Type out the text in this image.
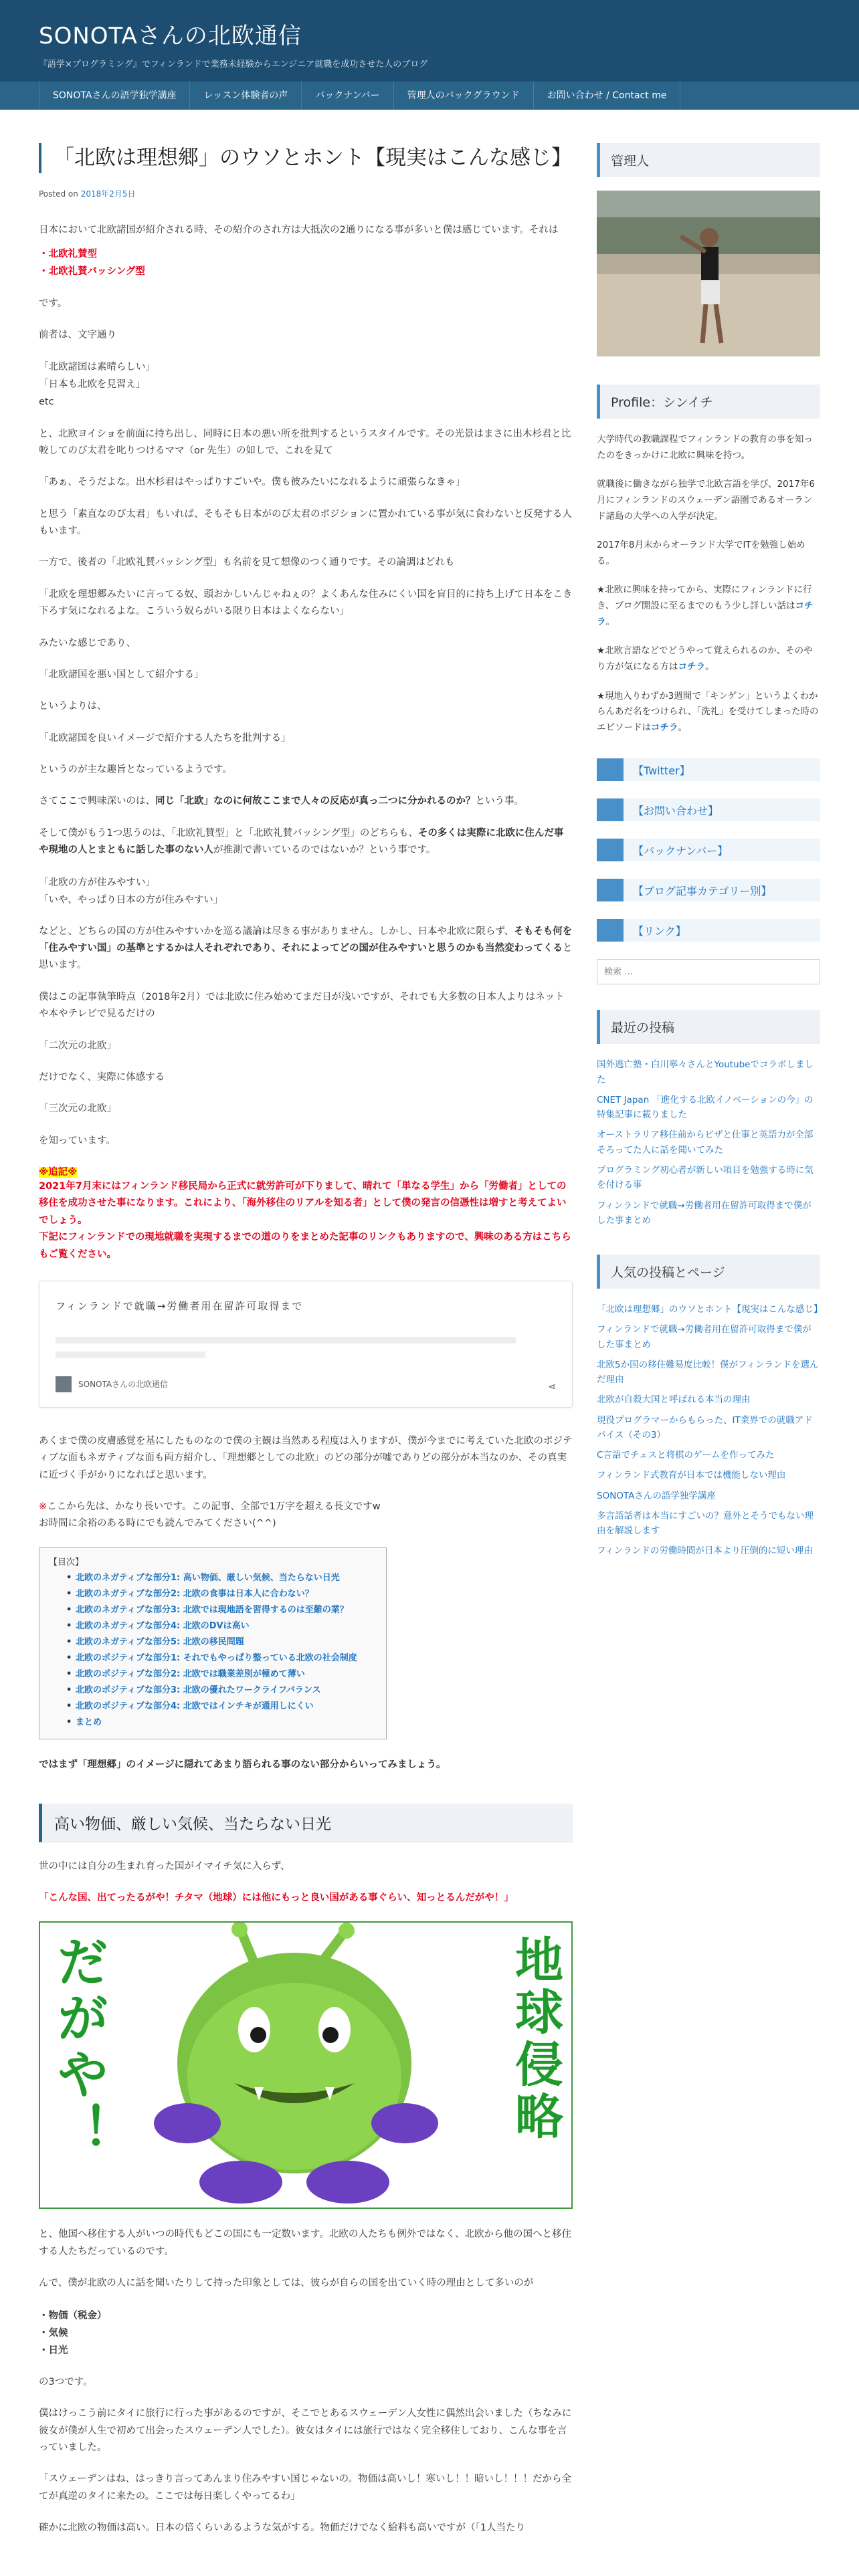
SONOTAさんの北欧通信
『語学×プログラミング』でフィンランドで業務未経験からエンジニア就職を成功させた人のブログ
SONOTAさんの語学独学講座	レッスン体験者の声	バックナンバー	管理人のバックグラウンド	お問い合わせ / Contact me
「北欧は理想郷」のウソとホント【現実はこんな感じ】
Posted on 2018年2月5日

日本において北欧諸国が紹介される時、その紹介のされ方は大抵次の2通りになる事が多いと僕は感じています。それは

・北欧礼賛型
・北欧礼賛バッシング型

です。

前者は、文字通り

「北欧諸国は素晴らしい」
「日本も北欧を見習え」
etc

と、北欧ヨイショを前面に持ち出し、同時に日本の悪い所を批判するというスタイルです。その光景はまさに出木杉君と比較してのび太君を叱りつけるママ（or 先生）の如しで、これを見て

「あぁ、そうだよな。出木杉君はやっぱりすごいや。僕も彼みたいになれるように頑張らなきゃ」

と思う「素直なのび太君」もいれば、そもそも日本がのび太君のポジションに置かれている事が気に食わないと反発する人もいます。

一方で、後者の「北欧礼賛バッシング型」も名前を見て想像のつく通りです。その論調はどれも

「北欧を理想郷みたいに言ってる奴、頭おかしいんじゃねぇの？よくあんな住みにくい国を盲目的に持ち上げて日本をこき下ろす気になれるよな。こういう奴らがいる限り日本はよくならない」

みたいな感じであり、

「北欧諸国を悪い国として紹介する」

というよりは、

「北欧諸国を良いイメージで紹介する人たちを批判する」

というのが主な趣旨となっているようです。

さてここで興味深いのは、同じ「北欧」なのに何故ここまで人々の反応が真っ二つに分かれるのか？という事。

そして僕がもう1つ思うのは、「北欧礼賛型」と「北欧礼賛バッシング型」のどちらも、その多くは実際に北欧に住んだ事や現地の人とまともに話した事のない人が推測で書いているのではないか？という事です。

「北欧の方が住みやすい」
「いや、やっぱり日本の方が住みやすい」

などと、どちらの国の方が住みやすいかを巡る議論は尽きる事がありません。しかし、日本や北欧に限らず、そもそも何を「住みやすい国」の基準とするかは人それぞれであり、それによってどの国が住みやすいと思うのかも当然変わってくると思います。

僕はこの記事執筆時点（2018年2月）では北欧に住み始めてまだ日が浅いですが、それでも大多数の日本人よりはネットや本やテレビで見るだけの

「二次元の北欧」

だけでなく、実際に体感する

「三次元の北欧」

を知っています。

※追記※
2021年7月末にはフィンランド移民局から正式に就労許可が下りまして、晴れて「単なる学生」から「労働者」としての移住を成功させた事になります。これにより、「海外移住のリアルを知る者」として僕の発言の信憑性は増すと考えてよいでしょう。
下記にフィンランドでの現地就職を実現するまでの道のりをまとめた記事のリンクもありますので、興味のある方はこちらもご覧ください。
フィンランドで就職→労働者用在留許可取得まで
SONOTAさんの北欧通信	⋖

あくまで僕の皮膚感覚を基にしたものなので僕の主観は当然ある程度は入りますが、僕が今までに考えていた北欧のポジティブな面もネガティブな面も両方紹介し、「理想郷としての北欧」のどの部分が嘘でありどの部分が本当なのか、その真実に近づく手がかりになればと思います。

※ここから先は、かなり長いです。この記事、全部で1万字を超える長文ですw
お時間に余裕のある時にでも読んでみてください(^^)

【目次】
• 北欧のネガティブな部分1: 高い物価、厳しい気候、当たらない日光
• 北欧のネガティブな部分2: 北欧の食事は日本人に合わない？
• 北欧のネガティブな部分3: 北欧では現地語を習得するのは至難の業？
• 北欧のネガティブな部分4: 北欧のDVは高い
• 北欧のネガティブな部分5: 北欧の移民問題
• 北欧のポジティブな部分1: それでもやっぱり整っている北欧の社会制度
• 北欧のポジティブな部分2: 北欧では職業差別が極めて薄い
• 北欧のポジティブな部分3: 北欧の優れたワークライフバランス
• 北欧のポジティブな部分4: 北欧ではインチキが通用しにくい
• まとめ

ではまず「理想郷」のイメージに隠れてあまり語られる事のない部分からいってみましょう。

高い物価、厳しい気候、当たらない日光

世の中には自分の生まれ育った国がイマイチ気に入らず、

「こんな国、出てったるがや！チタマ（地球）には他にもっと良い国がある事ぐらい、知っとるんだがや！」

だがや！	地球侵略

と、他国へ移住する人がいつの時代もどこの国にも一定数います。北欧の人たちも例外ではなく、北欧から他の国へと移住する人たちだっているのです。

んで、僕が北欧の人に話を聞いたりして持った印象としては、彼らが自らの国を出ていく時の理由として多いのが

・物価（税金）
・気候
・日光

の3つです。

僕はけっこう前にタイに旅行に行った事があるのですが、そこでとあるスウェーデン人女性に偶然出会いました（ちなみに彼女が僕が人生で初めて出会ったスウェーデン人でした）。彼女はタイには旅行ではなく完全移住しており、こんな事を言っていました。

「スウェーデンはね、はっきり言ってあんまり住みやすい国じゃないの。物価は高いし！寒いし！！暗いし！！！だから全てが真逆のタイに来たの。ここでは毎日楽しくやってるわ」

確かに北欧の物価は高い。日本の倍くらいあるような気がする。物価だけでなく給料も高いですが（「1人当たり

管理人
Profile：シンイチ

大学時代の教職課程でフィンランドの教育の事を知ったのをきっかけに北欧に興味を持つ。

就職後に働きながら独学で北欧言語を学び、2017年6月にフィンランドのスウェーデン語圏であるオーランド諸島の大学への入学が決定。

2017年8月末からオーランド大学でITを勉強し始める。

★北欧に興味を持ってから、実際にフィンランドに行き、ブログ開設に至るまでのもう少し詳しい話はコチラ。

★北欧言語などでどうやって覚えられるのか、そのやり方が気になる方はコチラ。

★現地入りわずか3週間で「キンゲン」というよくわからんあだ名をつけられ、「洗礼」を受けてしまった時のエピソードはコチラ。

【Twitter】
【お問い合わせ】
【バックナンバー】
【ブログ記事カテゴリー別】
【リンク】
検索 …
最近の投稿
国外逃亡塾・白川寧々さんとYoutubeでコラボしました
CNET Japan 「進化する北欧イノベーションの今」の特集記事に載りました
オーストラリア移住前からビザと仕事と英語力が全部そろってた人に話を聞いてみた
プログラミング初心者が新しい項目を勉強する時に気を付ける事
フィンランドで就職→労働者用在留許可取得まで僕がした事まとめ
人気の投稿とページ
「北欧は理想郷」のウソとホント【現実はこんな感じ】
フィンランドで就職→労働者用在留許可取得まで僕がした事まとめ
北欧5か国の移住難易度比較！僕がフィンランドを選んだ理由
北欧が自殺大国と呼ばれる本当の理由
現役プログラマーからもらった、IT業界での就職アドバイス（その3）
C言語でチェスと将棋のゲームを作ってみた
フィンランド式教育が日本では機能しない理由
SONOTAさんの語学独学講座
多言語話者は本当にすごいの？意外とそうでもない理由を解説します
フィンランドの労働時間が日本より圧倒的に短い理由
